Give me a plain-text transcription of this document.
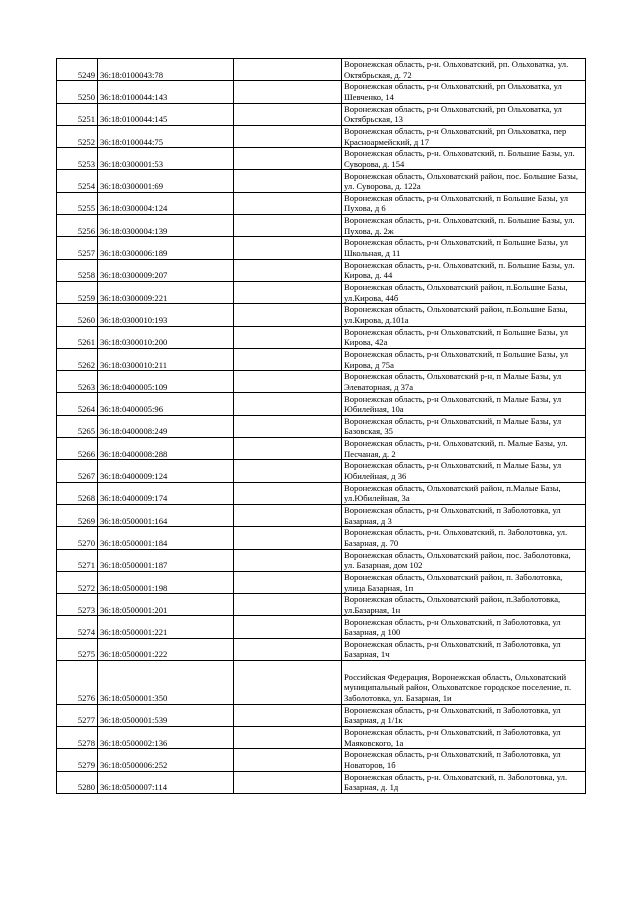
5249	36:18:0100043:78		Воронежская область, р-н. Ольховатский, рп. Ольховатка, ул. Октябрьская, д. 72
5250	36:18:0100044:143		Воронежская область, р-н Ольховатский, рп Ольховатка, ул Шевченко, 14
5251	36:18:0100044:145		Воронежская область, р-н Ольховатский, рп Ольховатка, ул Октябрьская, 13
5252	36:18:0100044:75		Воронежская область, р-н Ольховатский, рп Ольховатка, пер Красноармейский, д 17
5253	36:18:0300001:53		Воронежская область, р-н. Ольховатский, п. Большие Базы, ул. Суворова, д. 154
5254	36:18:0300001:69		Воронежская область, Ольховатский район, пос. Большие Базы, ул. Суворова, д. 122а
5255	36:18:0300004:124		Воронежская область, р-н Ольховатский, п Большие Базы, ул Пухова, д 6
5256	36:18:0300004:139		Воронежская область, р-н. Ольховатский, п. Большие Базы, ул. Пухова, д. 2ж
5257	36:18:0300006:189		Воронежская область, р-н Ольховатский, п Большие Базы, ул Школьная, д 11
5258	36:18:0300009:207		Воронежская область, р-н. Ольховатский, п. Большие Базы, ул. Кирова, д. 44
5259	36:18:0300009:221		Воронежская область, Ольховатский район, п.Большие Базы, ул.Кирова, 44б
5260	36:18:0300010:193		Воронежская область, Ольховатский район, п.Большие Базы, ул.Кирова, д.101а
5261	36:18:0300010:200		Воронежская область, р-н Ольховатский, п Большие Базы, ул Кирова, 42а
5262	36:18:0300010:211		Воронежская область, р-н Ольховатский, п Большие Базы, ул Кирова, д 75а
5263	36:18:0400005:109		Воронежская область, Ольховатский р-н, п Малые Базы, ул Элеваторная, д 37а
5264	36:18:0400005:96		Воронежская область, р-н Ольховатский, п Малые Базы, ул Юбилейная, 10а
5265	36:18:0400008:249		Воронежская область, р-н Ольховатский, п Малые Базы, ул Базовская, 35
5266	36:18:0400008:288		Воронежская область, р-н. Ольховатский, п. Малые Базы, ул. Песчаная, д. 2
5267	36:18:0400009:124		Воронежская область, р-н Ольховатский, п Малые Базы, ул Юбилейная, д 36
5268	36:18:0400009:174		Воронежская область, Ольховатский район, п.Малые Базы, ул.Юбилейная, 3а
5269	36:18:0500001:164		Воронежская область, р-н Ольховатский, п Заболотовка, ул Базарная, д 3
5270	36:18:0500001:184		Воронежская область, р-н. Ольховатский, п. Заболотовка, ул. Базарная, д. 70
5271	36:18:0500001:187		Воронежская область, Ольховатский район, пос. Заболотовка, ул. Базарная, дом 102
5272	36:18:0500001:198		Воронежская область, Ольховатский район, п. Заболотовка, улица Базарная, 1п
5273	36:18:0500001:201		Воронежская область, Ольховатский район, п.Заболотовка, ул.Базарная, 1н
5274	36:18:0500001:221		Воронежская область, р-н Ольховатский, п Заболотовка, ул Базарная, д 100
5275	36:18:0500001:222		Воронежская область, р-н Ольховатский, п Заболотовка, ул Базарная, 1ч
5276	36:18:0500001:350		Российская Федерация, Воронежская область, Ольховатский муниципальный район, Ольховатское городское поселение, п. Заболотовка, ул. Базарная, 1и
5277	36:18:0500001:539		Воронежская область, р-н Ольховатский, п Заболотовка, ул Базарная, д 1/1к
5278	36:18:0500002:136		Воронежская область, р-н Ольховатский, п Заболотовка, ул Маяковского, 1а
5279	36:18:0500006:252		Воронежская область, р-н Ольховатский, п Заболотовка, ул Новаторов, 1б
5280	36:18:0500007:114		Воронежская область, р-н. Ольховатский, п. Заболотовка, ул. Базарная, д. 1д
